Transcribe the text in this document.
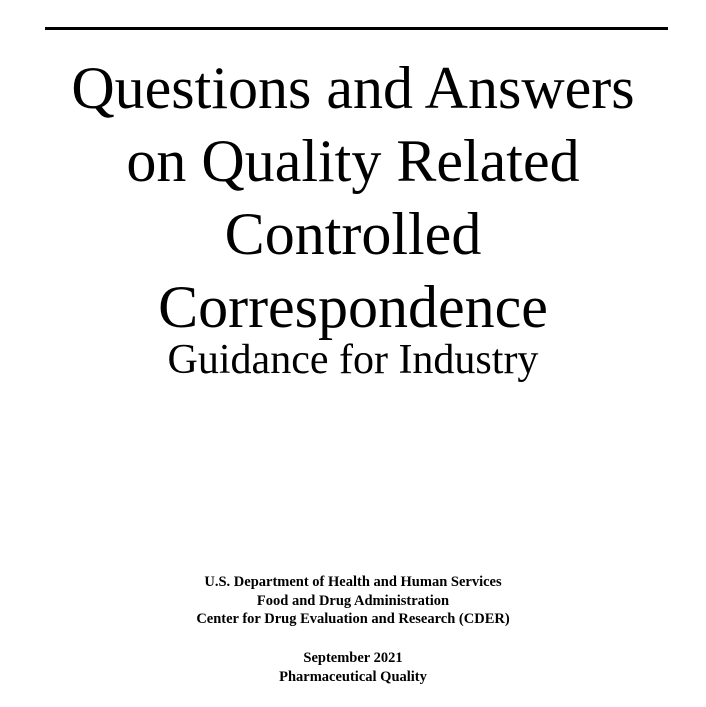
Questions and Answers
on Quality Related
Controlled
Correspondence
Guidance for Industry
U.S. Department of Health and Human Services
Food and Drug Administration
Center for Drug Evaluation and Research (CDER)
September 2021
Pharmaceutical Quality
